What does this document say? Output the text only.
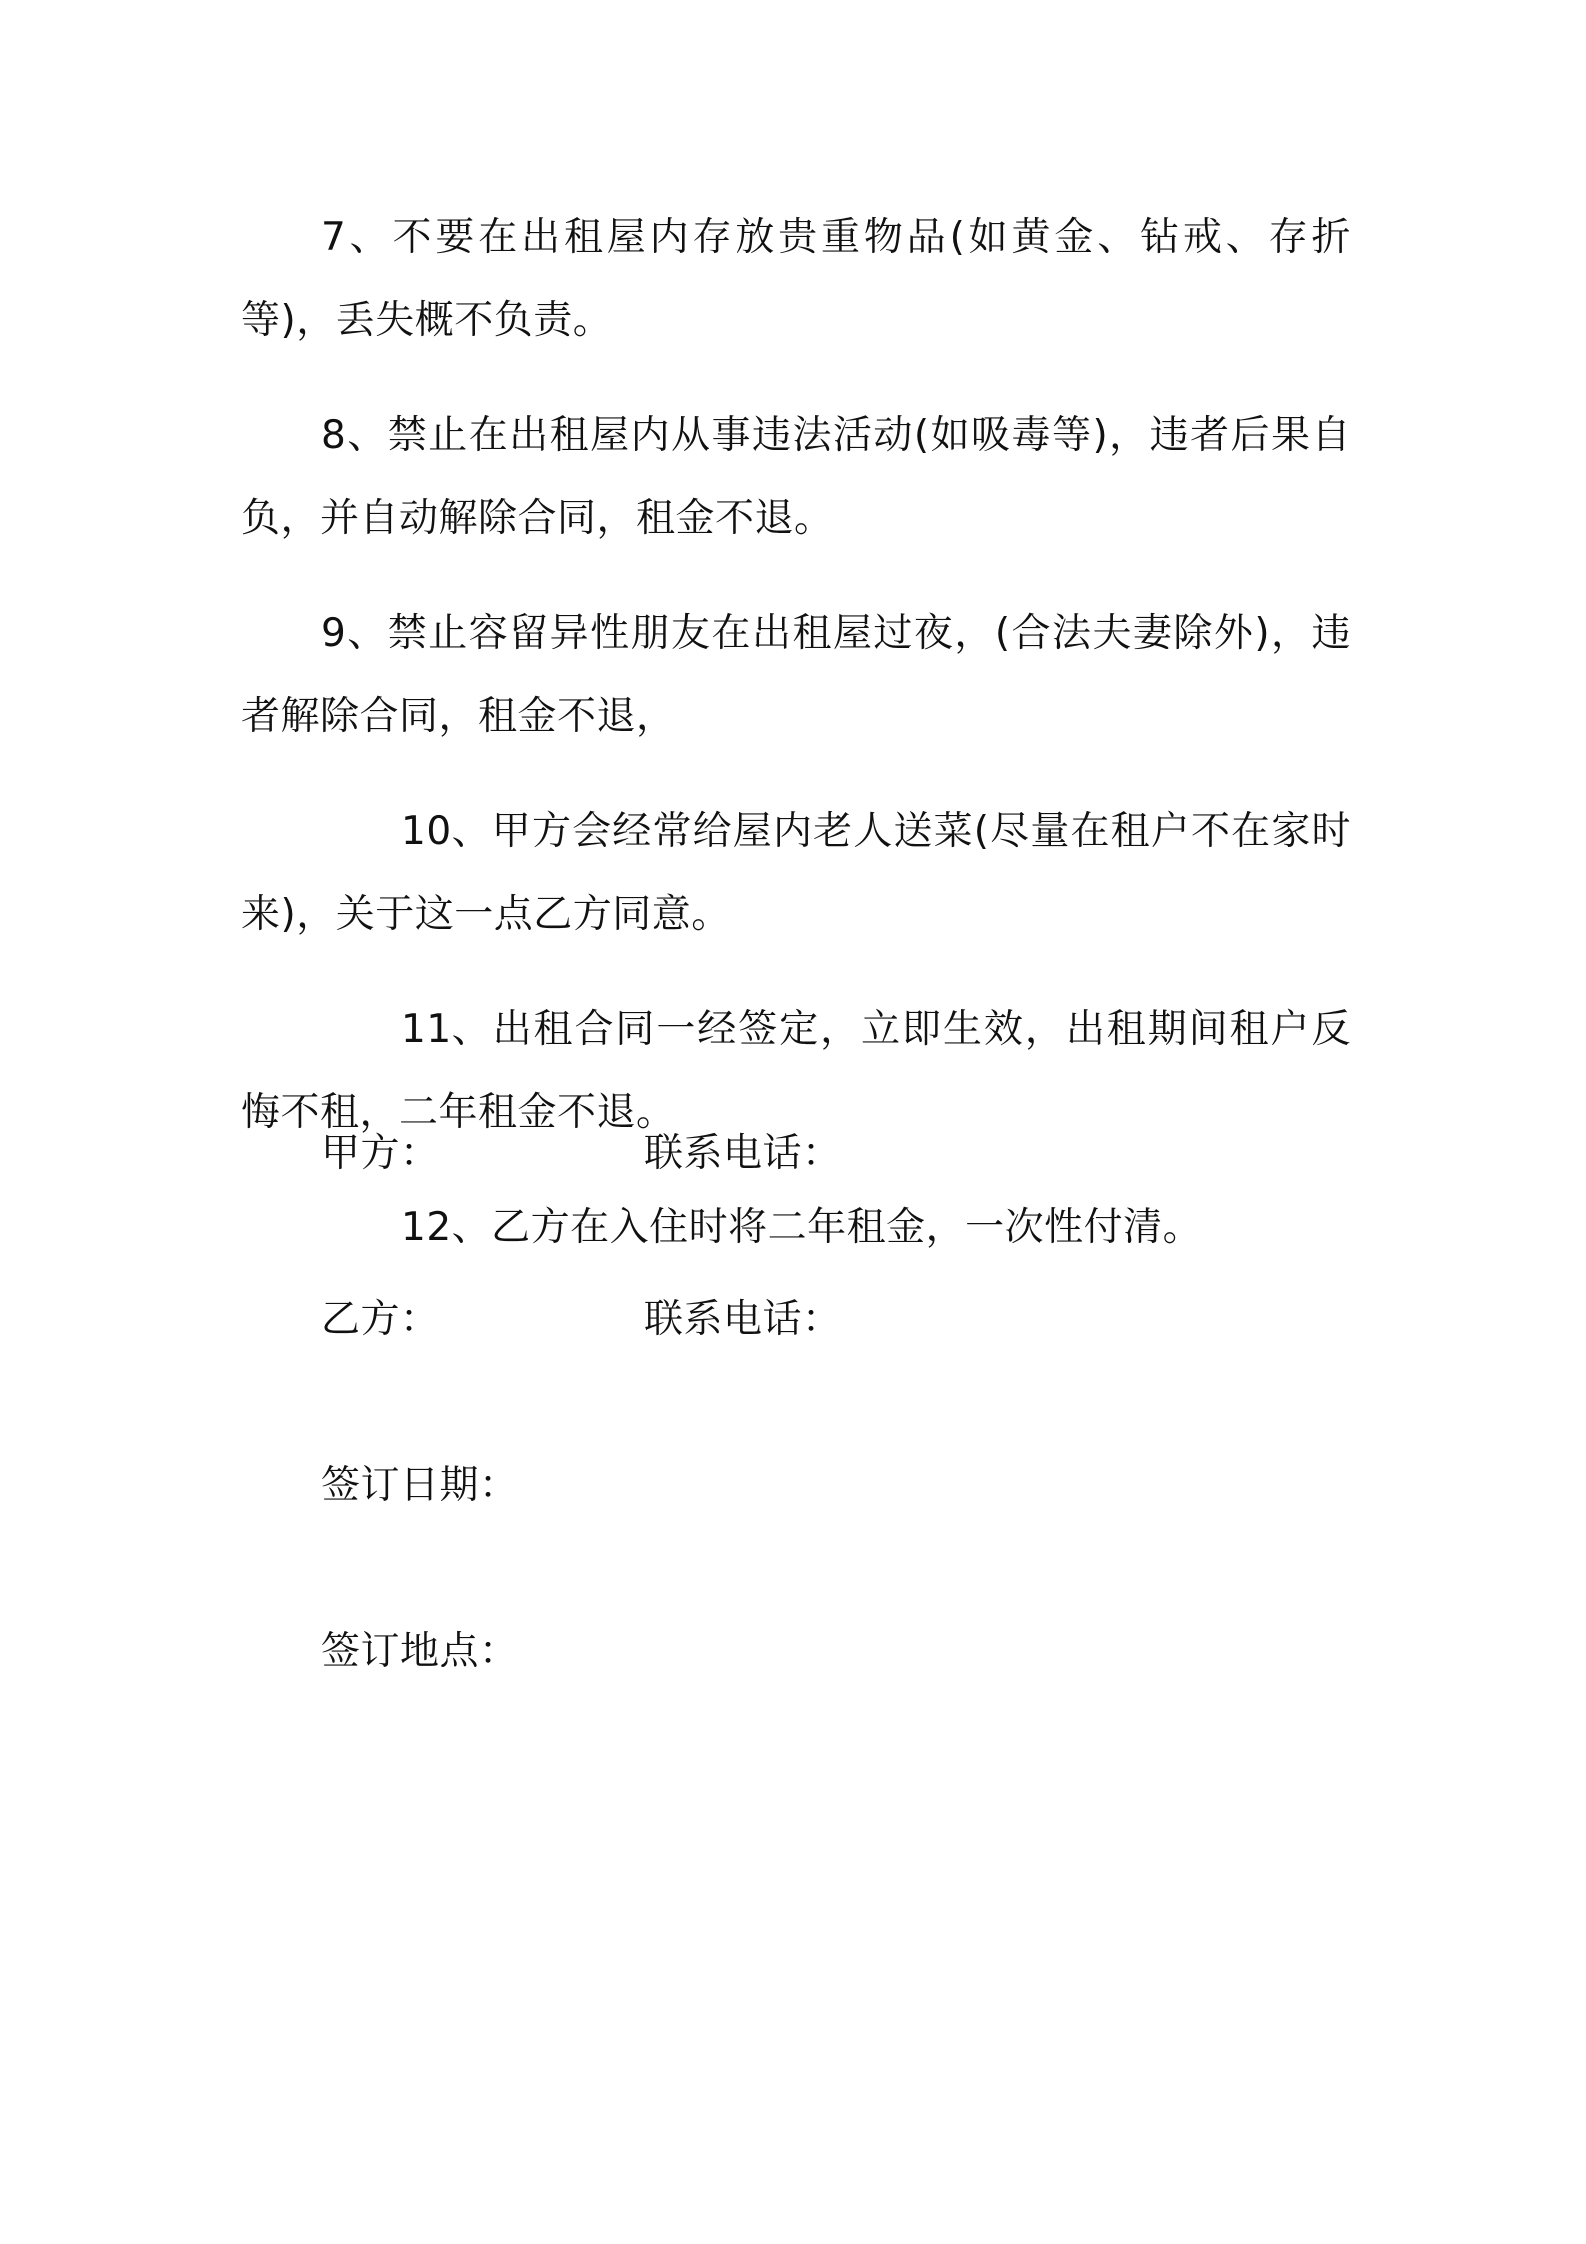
7、不要在出租屋内存放贵重物品(如黄金、钻戒、存折等)，丢失概不负责。

8、禁止在出租屋内从事违法活动(如吸毒等)，违者后果自负，并自动解除合同，租金不退。

9、禁止容留异性朋友在出租屋过夜，(合法夫妻除外)，违者解除合同，租金不退，

10、甲方会经常给屋内老人送菜(尽量在租户不在家时来)，关于这一点乙方同意。

11、出租合同一经签定，立即生效，出租期间租户反悔不租，二年租金不退。

12、乙方在入住时将二年租金，一次性付清。

甲方：	联系电话：
乙方：	联系电话：
签订日期：
签订地点：
